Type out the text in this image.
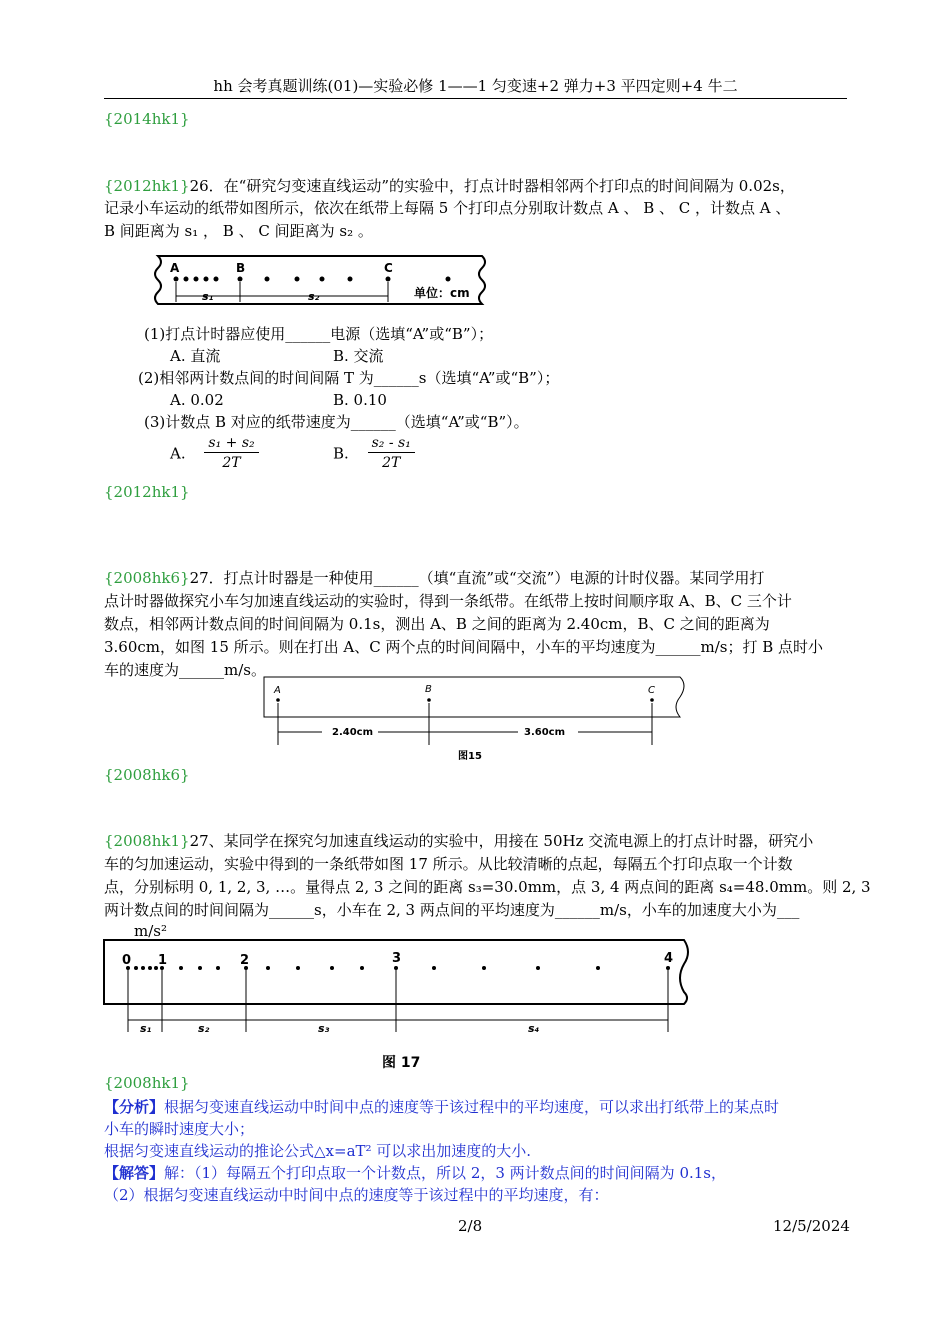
hh 会考真题训练(01)—实验必修 1——1 匀变速+2 弹力+3 平四定则+4 牛二
{2014hk1}
{2012hk1}26．在“研究匀变速直线运动”的实验中，打点计时器相邻两个打印点的时间间隔为 0.02s，
记录小车运动的纸带如图所示，依次在纸带上每隔 5 个打印点分别取计数点 A 、 B 、 C ，计数点 A 、
B 间距离为 s₁ ， B 、 C 间距离为 s₂ 。
A	B	C
s₁	s₂	单位：cm
(1)打点计时器应使用______电源（选填“A”或“B”）；
A. 直流	B. 交流
(2)相邻两计数点间的时间间隔 T 为______s（选填“A”或“B”）；
A. 0.02	B. 0.10
(3)计数点 B 对应的纸带速度为______（选填“A”或“B”）。
A. $\frac{\text{s₁ + s₂}}{2T}$	B. $\frac{\text{s₂ - s₁}}{2T}$
{2012hk1}
{2008hk6}27．打点计时器是一种使用______（填“直流”或“交流”）电源的计时仪器。某同学用打
点计时器做探究小车匀加速直线运动的实验时，得到一条纸带。在纸带上按时间顺序取 A、B、C 三个计
数点，相邻两计数点间的时间间隔为 0.1s，测出 A、B 之间的距离为 2.40cm，B、C 之间的距离为
3.60cm，如图 15 所示。则在打出 A、C 两个点的时间间隔中，小车的平均速度为______m/s；打 B 点时小
车的速度为______m/s。
A	B	C
2.40cm	3.60cm
图15
{2008hk6}
{2008hk1}27、某同学在探究匀加速直线运动的实验中，用接在 50Hz 交流电源上的打点计时器，研究小
车的匀加速运动，实验中得到的一条纸带如图 17 所示。从比较清晰的点起，每隔五个打印点取一个计数
点，分别标明 0, 1, 2, 3, …。量得点 2, 3 之间的距离 s₃=30.0mm，点 3, 4 两点间的距离 s₄=48.0mm。则 2, 3
两计数点间的时间间隔为______s，小车在 2, 3 两点间的平均速度为______m/s，小车的加速度大小为___
____m/s²
0 1	2	3	4
s₁	s₂	s₃	s₄
图 17
{2008hk1}
【分析】根据匀变速直线运动中时间中点的速度等于该过程中的平均速度，可以求出打纸带上的某点时
小车的瞬时速度大小；
根据匀变速直线运动的推论公式△x=aT² 可以求出加速度的大小.
【解答】解：（1）每隔五个打印点取一个计数点，所以 2，3 两计数点间的时间间隔为 0.1s，
（2）根据匀变速直线运动中时间中点的速度等于该过程中的平均速度，有：
2/8	12/5/2024
